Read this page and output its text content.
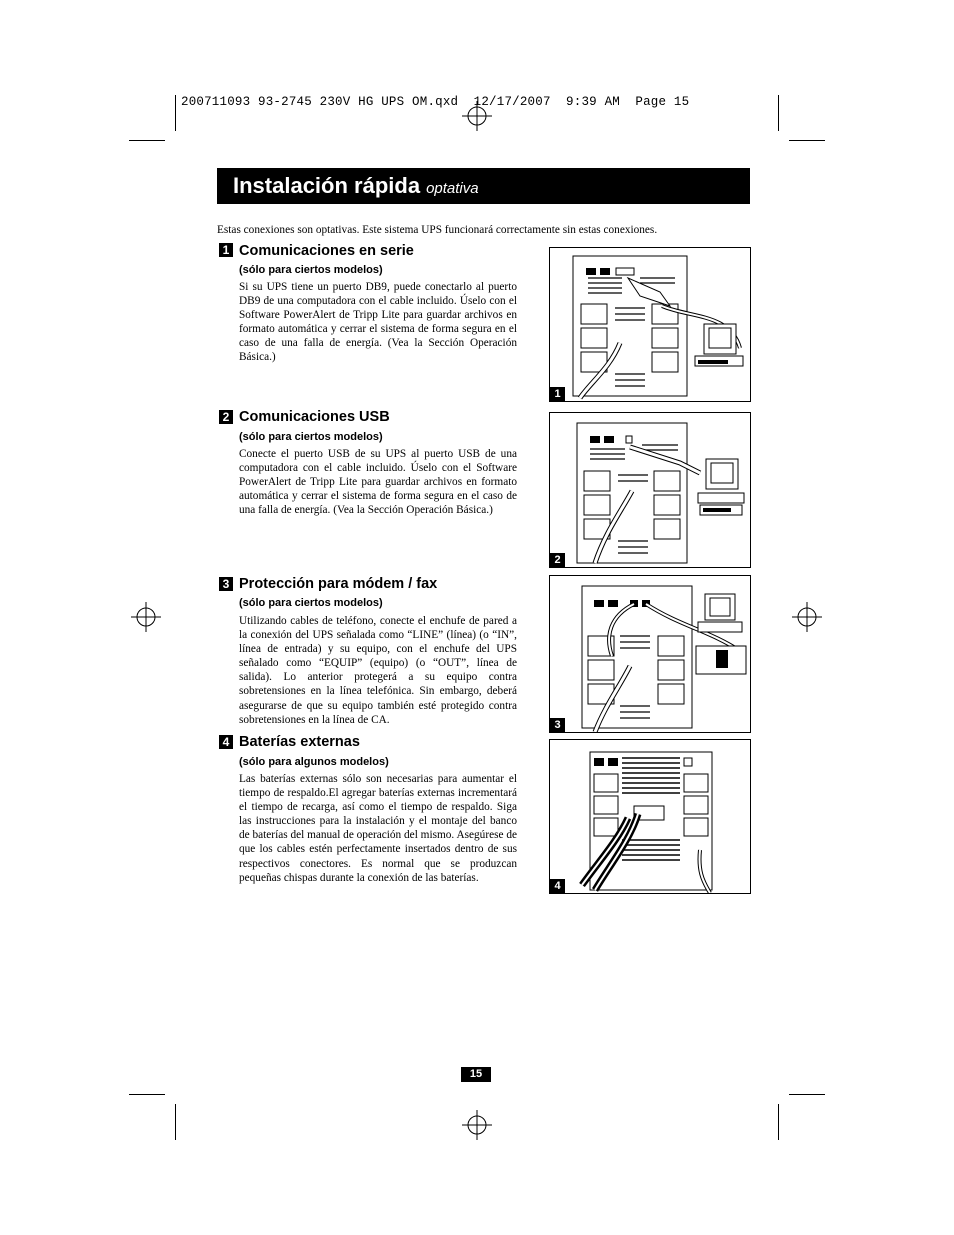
200711093 93-2745 230V HG UPS OM.qxd  12/17/2007  9:39 AM  Page 15
Instalación rápida optativa
Estas conexiones son optativas. Este sistema UPS funcionará correctamente sin estas conexiones.
1 Comunicaciones en serie
(sólo para ciertos modelos)
Si su UPS tiene un puerto DB9, puede conectarlo al puerto DB9 de una computadora con el cable incluido. Úselo con el Software PowerAlert de Tripp Lite para guardar archivos en formato automática y cerrar el sistema de forma segura en el caso de una falla de energía. (Vea la Sección Operación Básica.)
2 Comunicaciones USB
(sólo para ciertos modelos)
Conecte el puerto USB de su UPS al puerto USB de una computadora con el cable incluido. Úselo con el Software PowerAlert de Tripp Lite para guardar archivos en formato automática y cerrar el sistema de forma segura en el caso de una falla de energía. (Vea la Sección Operación Básica.)
3 Protección para módem / fax
(sólo para ciertos modelos)
Utilizando cables de teléfono, conecte el enchufe de pared a la conexión del UPS señalada como “LINE” (línea) (o “IN”, línea de entrada) y su equipo, con el enchufe del UPS señalado como “EQUIP” (equipo) (o “OUT”, línea de salida). Lo anterior protegerá a su equipo contra sobretensiones en la línea telefónica. Sin embargo, deberá asegurarse de que su equipo también esté protegido contra sobretensiones en la línea de CA.
4 Baterías externas
(sólo para algunos modelos)
Las baterías externas sólo son necesarias para aumentar el tiempo de respaldo.El agregar baterías externas incrementará el tiempo de recarga, así como el tiempo de respaldo. Siga las instrucciones para la instalación y el montaje del banco de baterías del manual de operación del mismo. Asegúrese de que los cables estén perfectamente insertados dentro de sus respectivos conectores. Es normal que se produzcan pequeñas chispas durante la conexión de las baterías.
1
2
3
4
15
